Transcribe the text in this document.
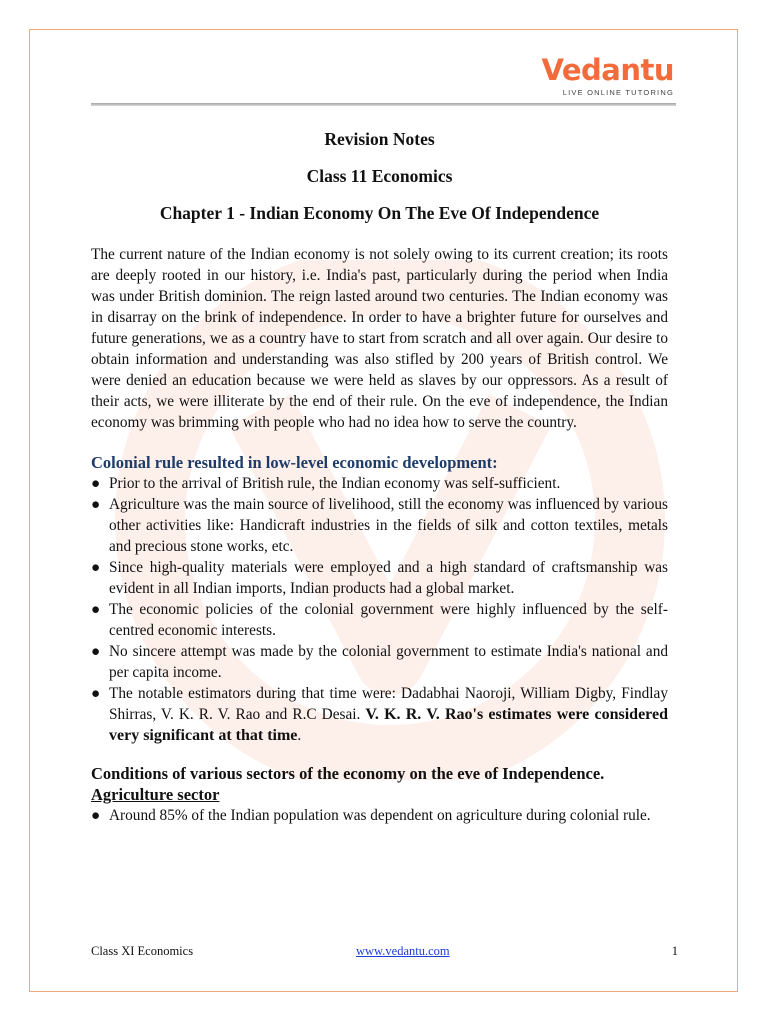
Vedantu
LIVE ONLINE TUTORING
Revision Notes
Class 11 Economics
Chapter 1 - Indian Economy On The Eve Of Independence

The current nature of the Indian economy is not solely owing to its current creation; its roots are deeply rooted in our history, i.e. India's past, particularly during the period when India was under British dominion. The reign lasted around two centuries. The Indian economy was in disarray on the brink of independence. In order to have a brighter future for ourselves and future generations, we as a country have to start from scratch and all over again. Our desire to obtain information and understanding was also stifled by 200 years of British control. We were denied an education because we were held as slaves by our oppressors. As a result of their acts, we were illiterate by the end of their rule. On the eve of independence, the Indian economy was brimming with people who had no idea how to serve the country.

Colonial rule resulted in low-level economic development:
● Prior to the arrival of British rule, the Indian economy was self-sufficient.
● Agriculture was the main source of livelihood, still the economy was influenced by various other activities like: Handicraft industries in the fields of silk and cotton textiles, metals and precious stone works, etc.
● Since high-quality materials were employed and a high standard of craftsmanship was evident in all Indian imports, Indian products had a global market.
● The economic policies of the colonial government were highly influenced by the self-centred economic interests.
● No sincere attempt was made by the colonial government to estimate India's national and per capita income.
● The notable estimators during that time were: Dadabhai Naoroji, William Digby, Findlay Shirras, V. K. R. V. Rao and R.C Desai. V. K. R. V. Rao's estimates were considered very significant at that time.
Conditions of various sectors of the economy on the eve of Independence.
Agriculture sector
● Around 85% of the Indian population was dependent on agriculture during colonial rule.
Class XI Economics	www.vedantu.com	1
